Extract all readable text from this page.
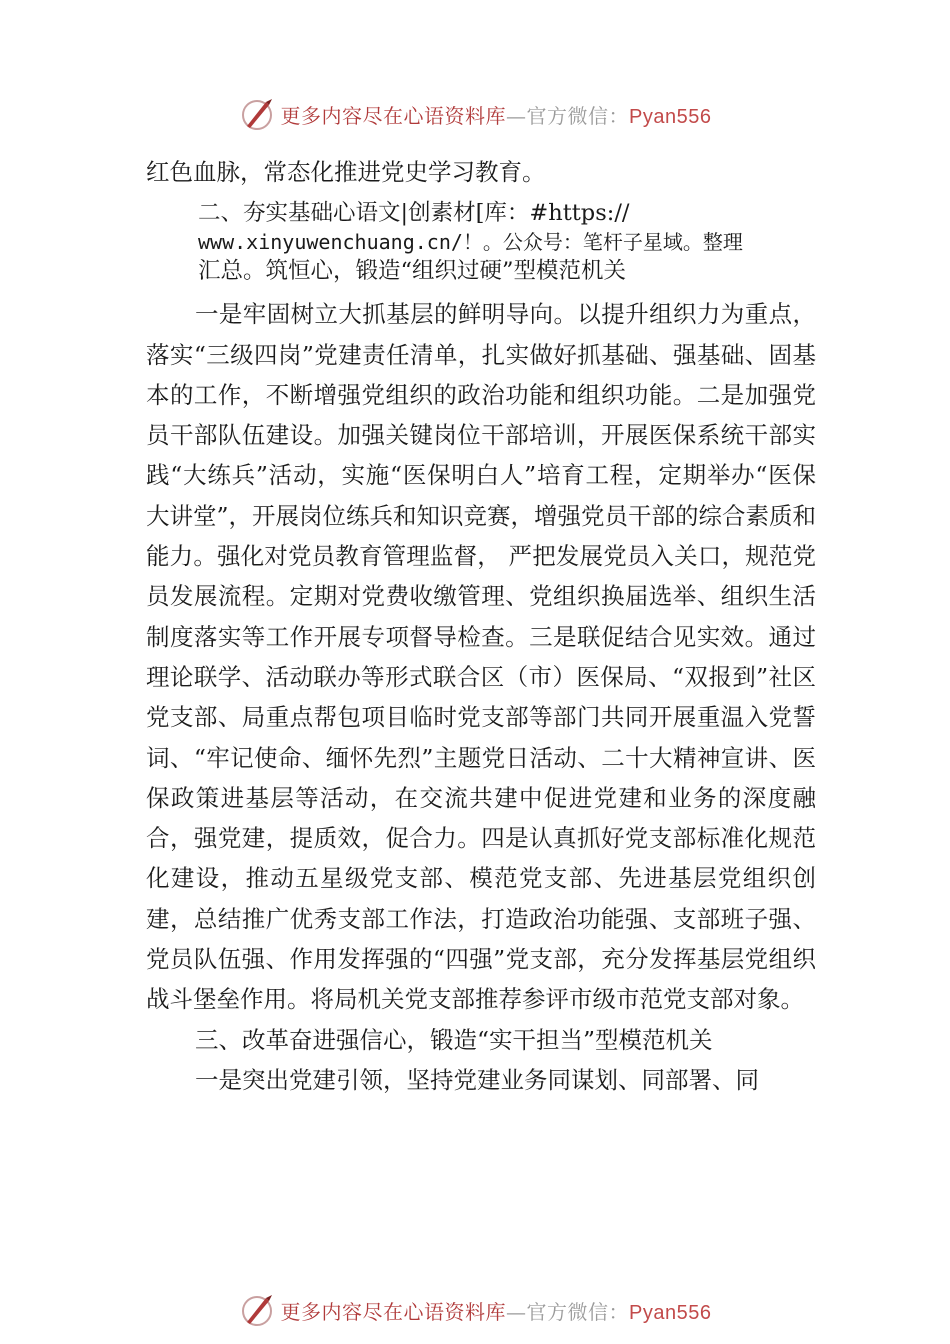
更多内容尽在心语资料库—官方微信：Pyan556

红色血脉，常态化推进党史学习教育。

二、夯实基础心语文|创素材[库：#https://
www.xinyuwenchuang.cn/！。公众号：笔杆子星域。整理
汇总。筑恒心，锻造“组织过硬”型模范机关

一是牢固树立大抓基层的鲜明导向。以提升组织力为重点，落实“三级四岗”党建责任清单，扎实做好抓基础、强基础、固基本的工作，不断增强党组织的政治功能和组织功能。二是加强党员干部队伍建设。加强关键岗位干部培训，开展医保系统干部实践“大练兵”活动，实施“医保明白人”培育工程，定期举办“医保大讲堂”，开展岗位练兵和知识竞赛，增强党员干部的综合素质和能力。强化对党员教育管理监督， 严把发展党员入关口，规范党员发展流程。定期对党费收缴管理、党组织换届选举、组织生活制度落实等工作开展专项督导检查。三是联促结合见实效。通过理论联学、活动联办等形式联合区（市）医保局、“双报到”社区党支部、局重点帮包项目临时党支部等部门共同开展重温入党誓词、“牢记使命、缅怀先烈”主题党日活动、二十大精神宣讲、医保政策进基层等活动，在交流共建中促进党建和业务的深度融合，强党建，提质效，促合力。四是认真抓好党支部标准化规范化建设，推动五星级党支部、模范党支部、先进基层党组织创建，总结推广优秀支部工作法，打造政治功能强、支部班子强、党员队伍强、作用发挥强的“四强”党支部，充分发挥基层党组织战斗堡垒作用。将局机关党支部推荐参评市级市范党支部对象。

三、改革奋进强信心，锻造“实干担当”型模范机关

一是突出党建引领，坚持党建业务同谋划、同部署、同

更多内容尽在心语资料库—官方微信：Pyan556
